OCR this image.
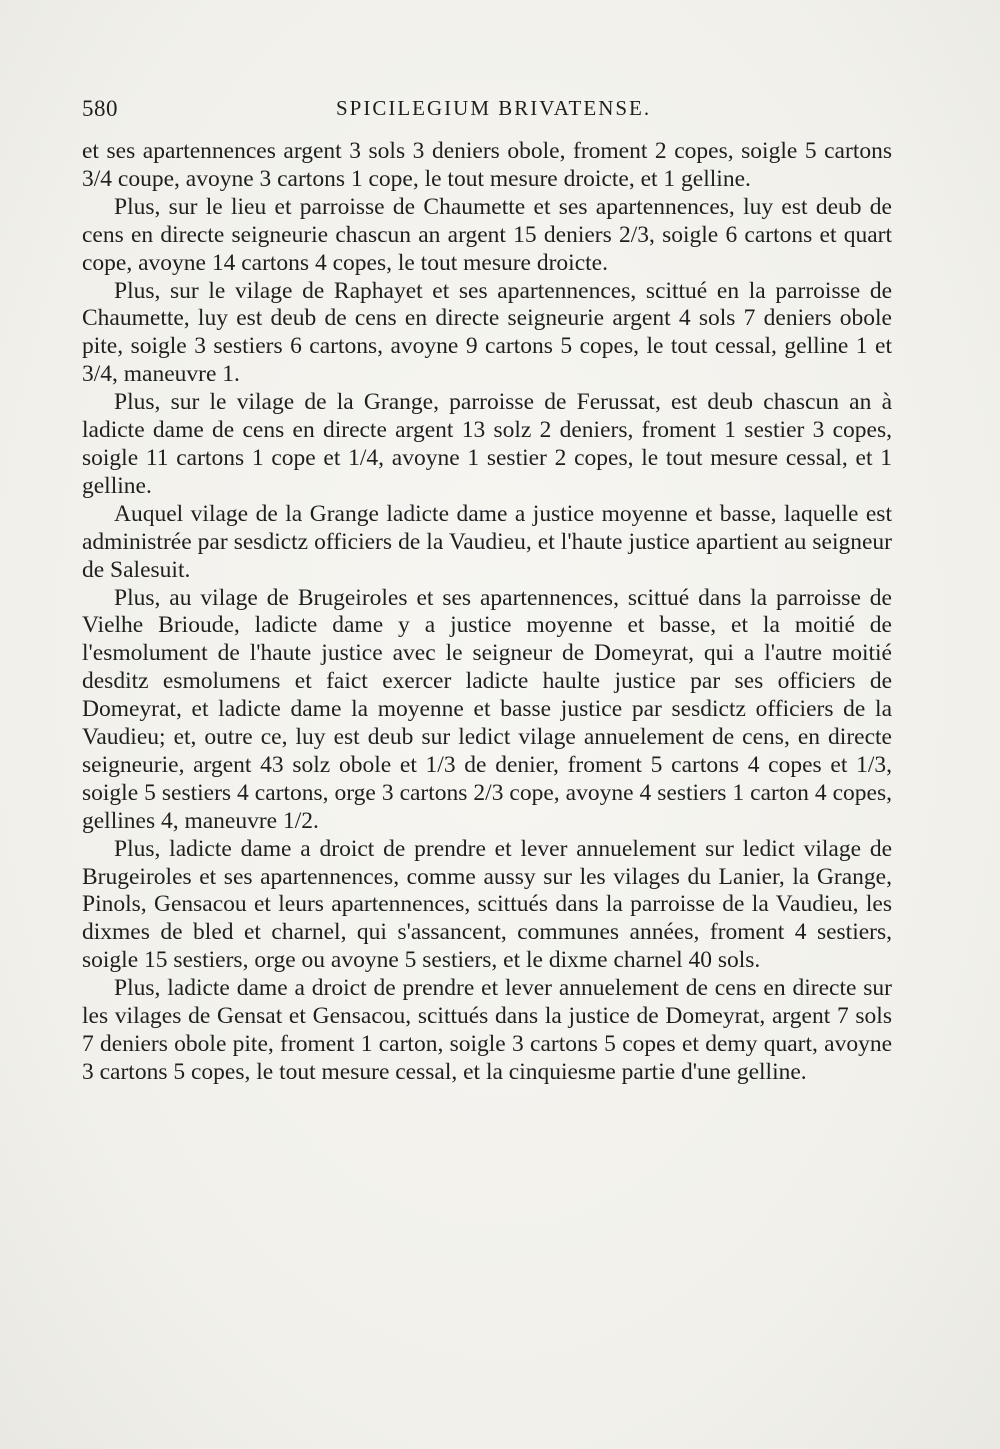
580	SPICILEGIUM BRIVATENSE.

et ses apartennences argent 3 sols 3 deniers obole, froment 2 copes, soigle 5 cartons 3/4 coupe, avoyne 3 cartons 1 cope, le tout mesure droicte, et 1 gelline.

Plus, sur le lieu et parroisse de Chaumette et ses apartennences, luy est deub de cens en directe seigneurie chascun an argent 15 deniers 2/3, soigle 6 cartons et quart cope, avoyne 14 cartons 4 copes, le tout mesure droicte.

Plus, sur le vilage de Raphayet et ses apartennences, scittué en la parroisse de Chaumette, luy est deub de cens en directe seigneurie argent 4 sols 7 deniers obole pite, soigle 3 sestiers 6 cartons, avoyne 9 cartons 5 copes, le tout cessal, gelline 1 et 3/4, maneuvre 1.

Plus, sur le vilage de la Grange, parroisse de Ferussat, est deub chascun an à ladicte dame de cens en directe argent 13 solz 2 deniers, froment 1 sestier 3 copes, soigle 11 cartons 1 cope et 1/4, avoyne 1 sestier 2 copes, le tout mesure cessal, et 1 gelline.

Auquel vilage de la Grange ladicte dame a justice moyenne et basse, laquelle est administrée par sesdictz officiers de la Vaudieu, et l'haute justice apartient au seigneur de Salesuit.

Plus, au vilage de Brugeiroles et ses apartennences, scittué dans la parroisse de Vielhe Brioude, ladicte dame y a justice moyenne et basse, et la moitié de l'esmolument de l'haute justice avec le seigneur de Domeyrat, qui a l'autre moitié desditz esmolumens et faict exercer ladicte haulte justice par ses officiers de Domeyrat, et ladicte dame la moyenne et basse justice par sesdictz officiers de la Vaudieu; et, outre ce, luy est deub sur ledict vilage annuelement de cens, en directe seigneurie, argent 43 solz obole et 1/3 de denier, froment 5 cartons 4 copes et 1/3, soigle 5 sestiers 4 cartons, orge 3 cartons 2/3 cope, avoyne 4 sestiers 1 carton 4 copes, gellines 4, maneuvre 1/2.

Plus, ladicte dame a droict de prendre et lever annuelement sur ledict vilage de Brugeiroles et ses apartennences, comme aussy sur les vilages du Lanier, la Grange, Pinols, Gensacou et leurs apartennences, scittués dans la parroisse de la Vaudieu, les dixmes de bled et charnel, qui s'assancent, communes années, froment 4 sestiers, soigle 15 sestiers, orge ou avoyne 5 sestiers, et le dixme charnel 40 sols.

Plus, ladicte dame a droict de prendre et lever annuelement de cens en directe sur les vilages de Gensat et Gensacou, scittués dans la justice de Domeyrat, argent 7 sols 7 deniers obole pite, froment 1 carton, soigle 3 cartons 5 copes et demy quart, avoyne 3 cartons 5 copes, le tout mesure cessal, et la cinquiesme partie d'une gelline.
